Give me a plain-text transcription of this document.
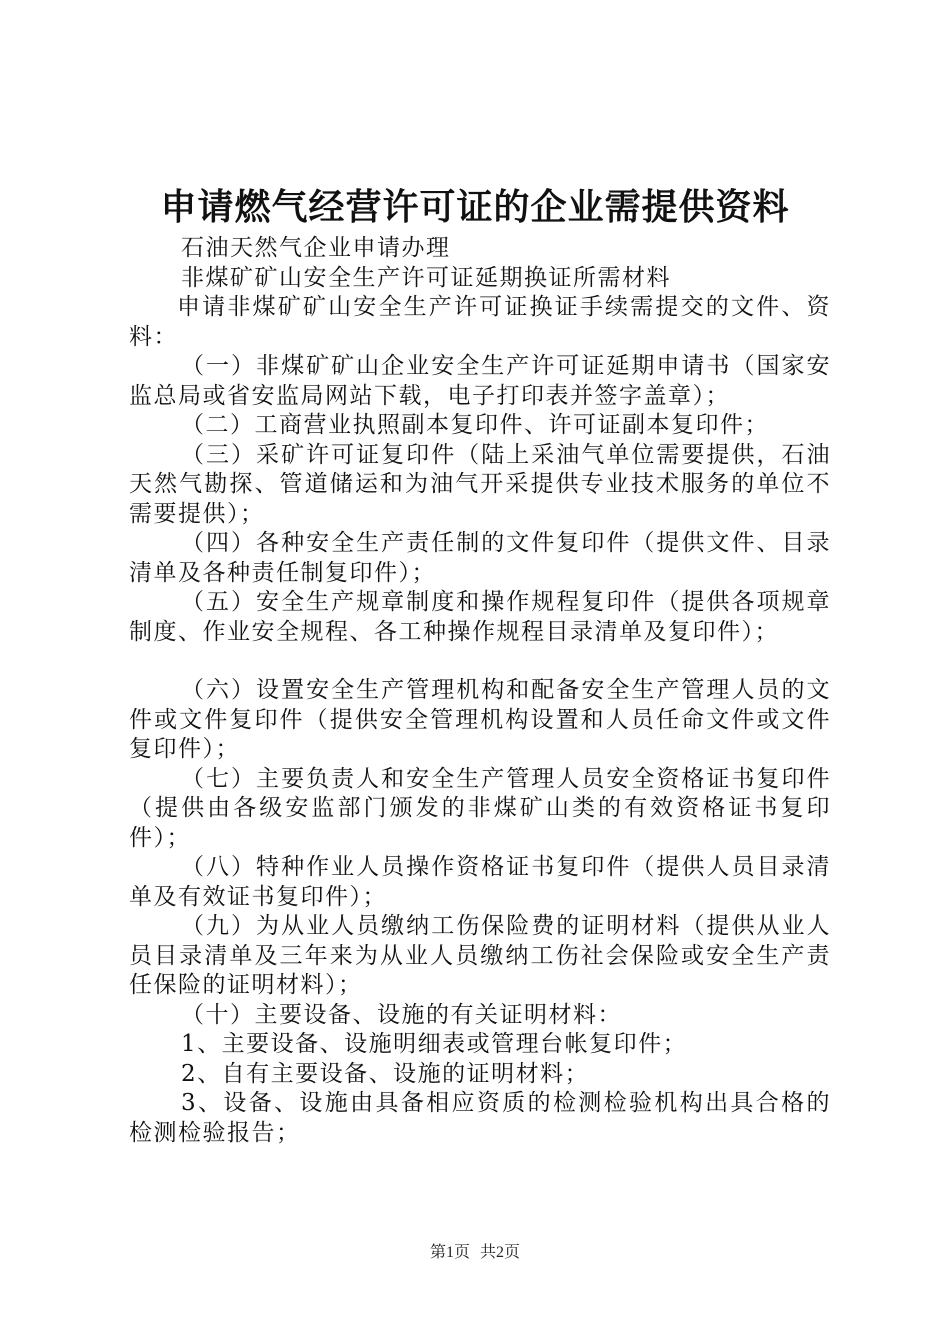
申请燃气经营许可证的企业需提供资料

石油天然气企业申请办理

非煤矿矿山安全生产许可证延期换证所需材料

申请非煤矿矿山安全生产许可证换证手续需提交的文件、资料：

（一）非煤矿矿山企业安全生产许可证延期申请书（国家安监总局或省安监局网站下载，电子打印表并签字盖章）；

（二）工商营业执照副本复印件、许可证副本复印件；

（三）采矿许可证复印件（陆上采油气单位需要提供，石油天然气勘探、管道储运和为油气开采提供专业技术服务的单位不需要提供）；

（四）各种安全生产责任制的文件复印件（提供文件、目录清单及各种责任制复印件）；

（五）安全生产规章制度和操作规程复印件（提供各项规章制度、作业安全规程、各工种操作规程目录清单及复印件）；

（六）设置安全生产管理机构和配备安全生产管理人员的文件或文件复印件（提供安全管理机构设置和人员任命文件或文件复印件）；

（七）主要负责人和安全生产管理人员安全资格证书复印件（提供由各级安监部门颁发的非煤矿山类的有效资格证书复印件）；

（八）特种作业人员操作资格证书复印件（提供人员目录清单及有效证书复印件）；

（九）为从业人员缴纳工伤保险费的证明材料（提供从业人员目录清单及三年来为从业人员缴纳工伤社会保险或安全生产责任保险的证明材料）；

（十）主要设备、设施的有关证明材料：

1、主要设备、设施明细表或管理台帐复印件；

2、自有主要设备、设施的证明材料；

3、设备、设施由具备相应资质的检测检验机构出具合格的检测检验报告；

第1页 共2页
